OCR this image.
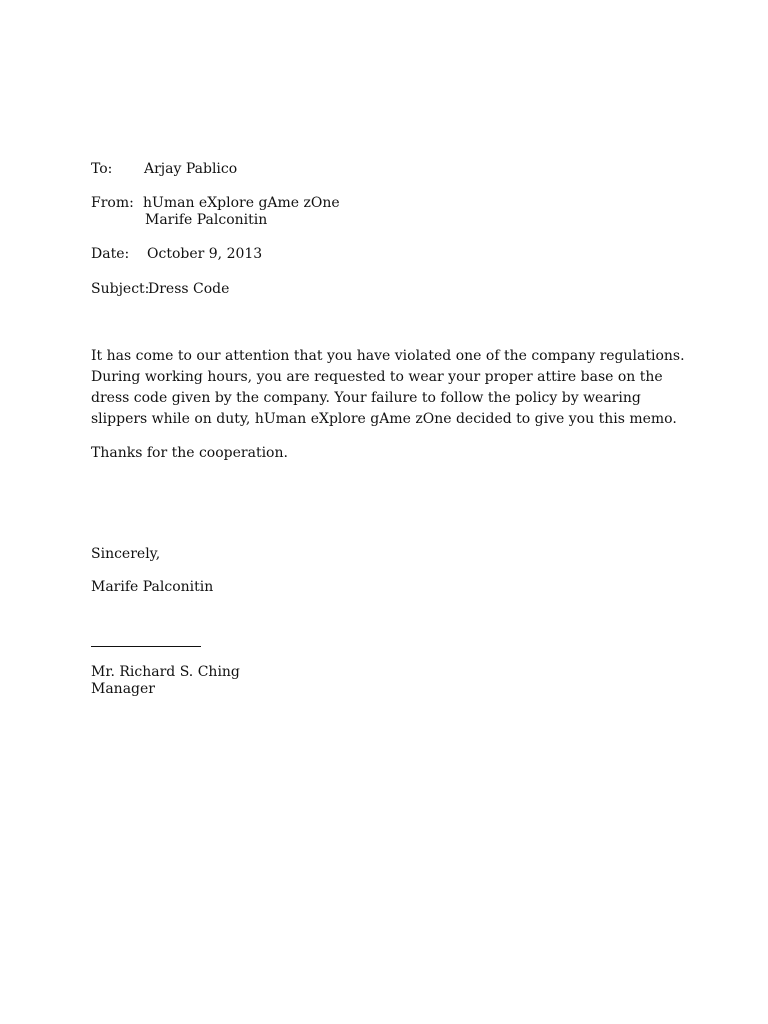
To: Arjay Pablico
From: hUman eXplore gAme zOne
Marife Palconitin
Date: October 9, 2013
Subject:
Dress Code
It has come to our attention that you have violated one of the company regulations. During working hours, you are requested to wear your proper attire base on the dress code given by the company. Your failure to follow the policy by wearing slippers while on duty, hUman eXplore gAme zOne decided to give you this memo.
Thanks for the cooperation.
Sincerely,
Marife Palconitin
Mr. Richard S. Ching
Manager
